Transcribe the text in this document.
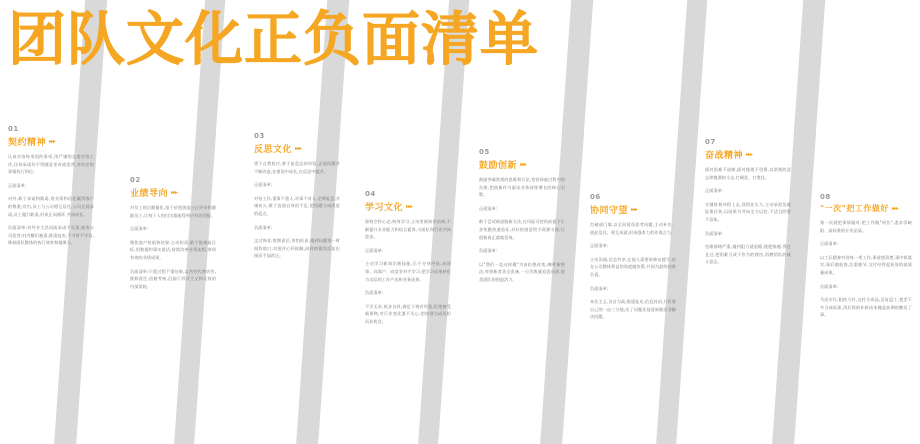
团队文化正负面清单
01
契约精神 ▸▸▸
认真对待每项契约事项,用严谨的态度对待工作,任何承诺均不得随意更改或违背,对约定的事情执行到位。
正面清单:
对外,敢于承诺和践诺,用业绩和信任赢得客户的尊重;对内,员工与公司相互信任,公司兑现承诺,员工履行职责,形成正向循环,共同成长。
负面清单:对外夸大其词或承诺不兑现,损害公司信誉;对内敷衍塞责,推诿扯皮,不守时不守信,降低团队整体的执行效率和凝聚力。
02
业绩导向 ▸▸▸
对员工的贡献量化,基于价值创造公正评价和激励员工,让每个人的付出都能得到应有的回报。
正面清单:
聚焦客户价值和结果,主动担责,敢于挑战高目标,用数据和事实说话,持续改善业务流程,拿到有效的业绩成果。
负面清单:只重过程不重结果,以苦劳代替功劳,推卸责任,回避考核,沉溺于形式主义和无效的内部消耗。
03
反思文化 ▸▸▸
勇于自我检讨,善于复盘总结经验,正视问题并不断改进,在错误中成长,在反思中提升。
正面清单:
对待工作,重事不重人,对事不对人,定期复盘,开诚布公,敢于直面自身的不足,把问题当成改进的起点。
负面清单:
文过饰非,推卸责任,害怕担责,遇到问题第一时间找借口,对批评心怀抵触,同样的错误反复出现而不加改正。
04
学习文化 ▸▸▸
保持空杯心态,终身学习,主动更新知识结构,不断提升专业能力和综合素养,与团队和行业共同进步。
正面清单:
主动学习新知识新技能,乐于分享经验,向同事、向客户、向竞争对手学习,把学习成果转化为实际的工作产出和业务成果。
负面清单:
不学无术,故步自封,满足于现有经验,拒绝接受新事物,对行业变化漠不关心,把培训当成负担而非机会。
05
鼓励创新 ▸▸▸
鼓励突破常规的思维和方法,宽容探索过程中的失败,把创新作为驱动业务持续增长的核心引擎。
正面清单:
敢于尝试新思路新方法,在风险可控的前提下小步快跑快速验证,对好的创意给予资源支持,让创新真正落地见效。
负面清单:
以"我们一直这样做"为由拒绝改变,嘲笑新想法,对创新者求全责备,一旦失败就追责问责,扼杀团队的创造活力。
06
协同守望 ▸▸▸
打破部门墙,以全局视角思考问题,主动补位、彼此信任、相互成就,形成强有力的作战合力。
正面清单:
主动沟通,信息共享,在他人需要时伸出援手,站在公司整体利益的角度做决策,共同为最终结果负责。
负面清单:
本位主义,各自为政,推诿扯皮,信息封闭,只盯着自己的一亩三分地,出了问题先划清界限而非解决问题。
07
奋战精神 ▸▸▸
面对困难不退缩,面对挑战不畏惧,以坚韧的意志和饱满的斗志,打硬仗、打胜仗。
正面清单:
关键时刻冲得上去,顶得住压力,主动承担急难险重任务,以结果为导向全力以赴,不达目的誓不罢休。
负面清单:
畏难情绪严重,遇到阻力就退缩,挑肥拣瘦,得过且过,把困难当成不作为的理由,消磨团队的战斗意志。
08
"一次"把工作做好 ▸▸▸
第一次就把事情做对,把工作做"到位",追求零缺陷、高标准的专业品质。
正面清单:
以工匠精神对待每一项工作,事前想清楚,事中抓落实,事后做检查,注重细节,交付经得起检验的高质量成果。
负面清单:
马虎应付,粗枝大叶,交付半成品,反复返工,把差不多当成标准,用后续的补救成本掩盖前期的敷衍了事。
